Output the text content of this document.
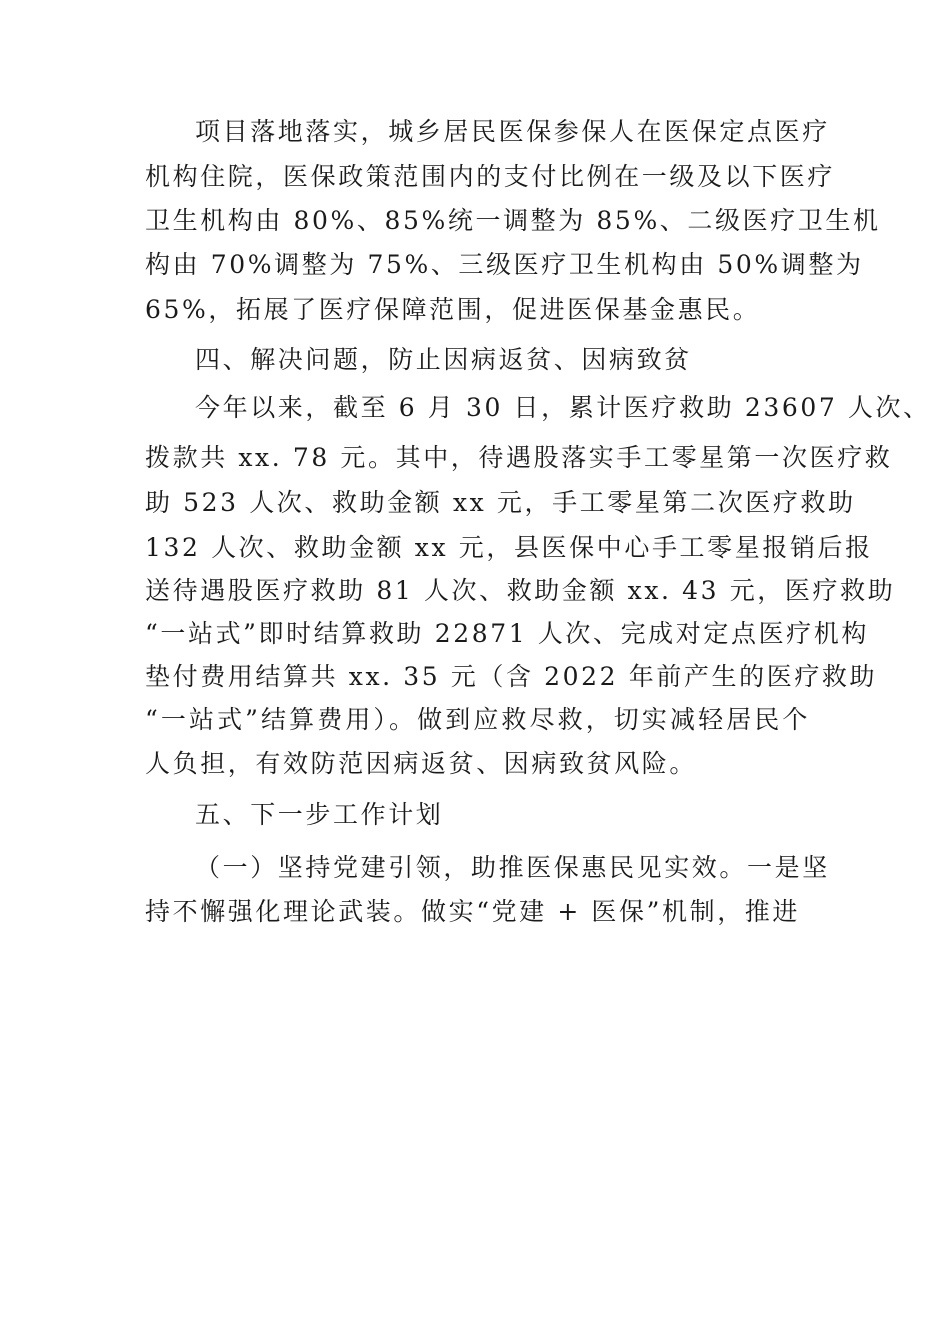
项目落地落实，城乡居民医保参保人在医保定点医疗
机构住院，医保政策范围内的支付比例在一级及以下医疗
卫生机构由 80%、85%统一调整为 85%、二级医疗卫生机
构由 70%调整为 75%、三级医疗卫生机构由 50%调整为
65%，拓展了医疗保障范围，促进医保基金惠民。
四、解决问题，防止因病返贫、因病致贫
今年以来，截至 6 月 30 日，累计医疗救助 23607 人次、
拨款共 xx. 78 元。其中，待遇股落实手工零星第一次医疗救
助 523 人次、救助金额 xx 元，手工零星第二次医疗救助
132 人次、救助金额 xx 元，县医保中心手工零星报销后报
送待遇股医疗救助 81 人次、救助金额 xx. 43 元，医疗救助
“一站式”即时结算救助 22871 人次、完成对定点医疗机构
垫付费用结算共 xx. 35 元（含 2022 年前产生的医疗救助
“一站式”结算费用）。做到应救尽救，切实减轻居民个
人负担，有效防范因病返贫、因病致贫风险。
五、下一步工作计划
（一）坚持党建引领，助推医保惠民见实效。一是坚
持不懈强化理论武装。做实“党建 + 医保”机制，推进
